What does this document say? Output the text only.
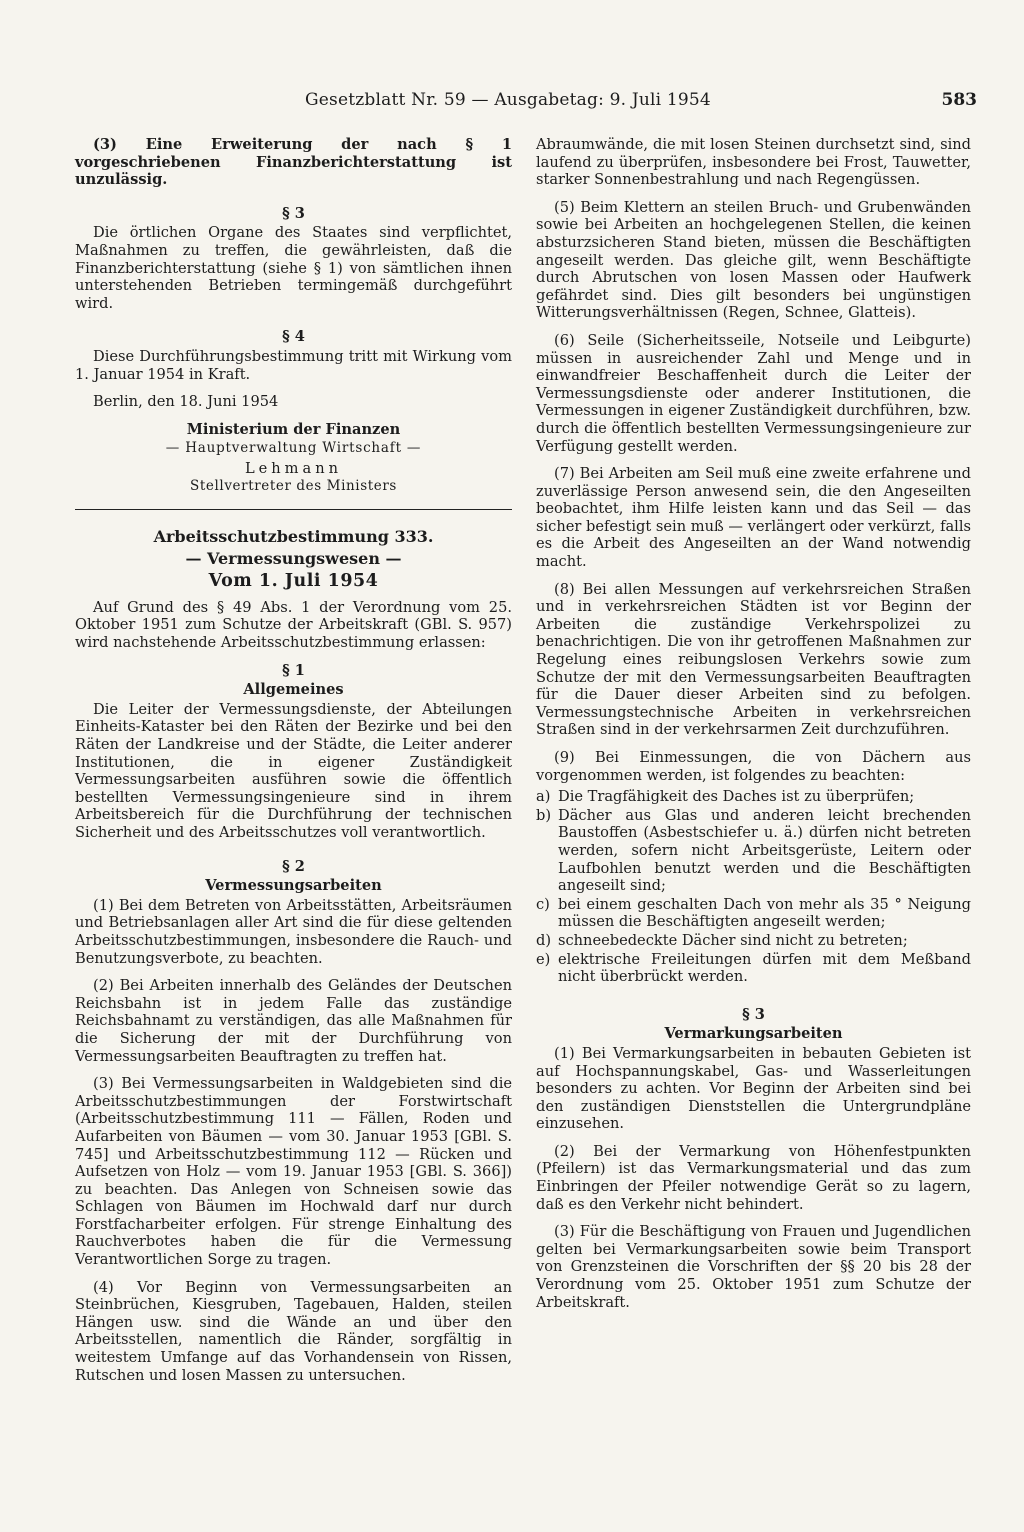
Gesetzblatt Nr. 59 — Ausgabetag: 9. Juli 1954	583

(3) Eine Erweiterung der nach § 1 vorgeschriebenen Finanzberichterstattung ist unzulässig.

§ 3

Die örtlichen Organe des Staates sind verpflichtet, Maßnahmen zu treffen, die gewährleisten, daß die Finanzberichterstattung (siehe § 1) von sämtlichen ihnen unterstehenden Betrieben termingemäß durchgeführt wird.

§ 4

Diese Durchführungsbestimmung tritt mit Wirkung vom 1. Januar 1954 in Kraft.

Berlin, den 18. Juni 1954

Ministerium der Finanzen

— Hauptverwaltung Wirtschaft —

Lehmann

Stellvertreter des Ministers

Arbeitsschutzbestimmung 333.

— Vermessungswesen —

Vom 1. Juli 1954

Auf Grund des § 49 Abs. 1 der Verordnung vom 25. Oktober 1951 zum Schutze der Arbeitskraft (GBl. S. 957) wird nachstehende Arbeitsschutzbestimmung erlassen:

§ 1

Allgemeines

Die Leiter der Vermessungsdienste, der Abteilungen Einheits-Kataster bei den Räten der Bezirke und bei den Räten der Landkreise und der Städte, die Leiter anderer Institutionen, die in eigener Zuständigkeit Vermessungsarbeiten ausführen sowie die öffentlich bestellten Vermessungsingenieure sind in ihrem Arbeitsbereich für die Durchführung der technischen Sicherheit und des Arbeitsschutzes voll verantwortlich.

§ 2

Vermessungsarbeiten

(1) Bei dem Betreten von Arbeitsstätten, Arbeitsräumen und Betriebsanlagen aller Art sind die für diese geltenden Arbeitsschutzbestimmungen, insbesondere die Rauch- und Benutzungsverbote, zu beachten.

(2) Bei Arbeiten innerhalb des Geländes der Deutschen Reichsbahn ist in jedem Falle das zuständige Reichsbahnamt zu verständigen, das alle Maßnahmen für die Sicherung der mit der Durchführung von Vermessungsarbeiten Beauftragten zu treffen hat.

(3) Bei Vermessungsarbeiten in Waldgebieten sind die Arbeitsschutzbestimmungen der Forstwirtschaft (Arbeitsschutzbestimmung 111 — Fällen, Roden und Aufarbeiten von Bäumen — vom 30. Januar 1953 [GBl. S. 745] und Arbeitsschutzbestimmung 112 — Rücken und Aufsetzen von Holz — vom 19. Januar 1953 [GBl. S. 366]) zu beachten. Das Anlegen von Schneisen sowie das Schlagen von Bäumen im Hochwald darf nur durch Forstfacharbeiter erfolgen. Für strenge Einhaltung des Rauchverbotes haben die für die Vermessung Verantwortlichen Sorge zu tragen.

(4) Vor Beginn von Vermessungsarbeiten an Steinbrüchen, Kiesgruben, Tagebauen, Halden, steilen Hängen usw. sind die Wände an und über den Arbeitsstellen, namentlich die Ränder, sorgfältig in weitestem Umfange auf das Vorhandensein von Rissen, Rutschen und losen Massen zu untersuchen.

Abraumwände, die mit losen Steinen durchsetzt sind, sind laufend zu überprüfen, insbesondere bei Frost, Tauwetter, starker Sonnenbestrahlung und nach Regengüssen.

(5) Beim Klettern an steilen Bruch- und Grubenwänden sowie bei Arbeiten an hochgelegenen Stellen, die keinen absturzsicheren Stand bieten, müssen die Beschäftigten angeseilt werden. Das gleiche gilt, wenn Beschäftigte durch Abrutschen von losen Massen oder Haufwerk gefährdet sind. Dies gilt besonders bei ungünstigen Witterungsverhältnissen (Regen, Schnee, Glatteis).

(6) Seile (Sicherheitsseile, Notseile und Leibgurte) müssen in ausreichender Zahl und Menge und in einwandfreier Beschaffenheit durch die Leiter der Vermessungsdienste oder anderer Institutionen, die Vermessungen in eigener Zuständigkeit durchführen, bzw. durch die öffentlich bestellten Vermessungsingenieure zur Verfügung gestellt werden.

(7) Bei Arbeiten am Seil muß eine zweite erfahrene und zuverlässige Person anwesend sein, die den Angeseilten beobachtet, ihm Hilfe leisten kann und das Seil — das sicher befestigt sein muß — verlängert oder verkürzt, falls es die Arbeit des Angeseilten an der Wand notwendig macht.

(8) Bei allen Messungen auf verkehrsreichen Straßen und in verkehrsreichen Städten ist vor Beginn der Arbeiten die zuständige Verkehrspolizei zu benachrichtigen. Die von ihr getroffenen Maßnahmen zur Regelung eines reibungslosen Verkehrs sowie zum Schutze der mit den Vermessungsarbeiten Beauftragten für die Dauer dieser Arbeiten sind zu befolgen. Vermessungstechnische Arbeiten in verkehrsreichen Straßen sind in der verkehrsarmen Zeit durchzuführen.

(9) Bei Einmessungen, die von Dächern aus vorgenommen werden, ist folgendes zu beachten:

a) Die Tragfähigkeit des Daches ist zu überprüfen;
b) Dächer aus Glas und anderen leicht brechenden Baustoffen (Asbestschiefer u. ä.) dürfen nicht betreten werden, sofern nicht Arbeitsgerüste, Leitern oder Laufbohlen benutzt werden und die Beschäftigten angeseilt sind;
c) bei einem geschalten Dach von mehr als 35 ° Neigung müssen die Beschäftigten angeseilt werden;
d) schneebedeckte Dächer sind nicht zu betreten;
e) elektrische Freileitungen dürfen mit dem Meßband nicht überbrückt werden.

§ 3

Vermarkungsarbeiten

(1) Bei Vermarkungsarbeiten in bebauten Gebieten ist auf Hochspannungskabel, Gas- und Wasserleitungen besonders zu achten. Vor Beginn der Arbeiten sind bei den zuständigen Dienststellen die Untergrundpläne einzusehen.

(2) Bei der Vermarkung von Höhenfestpunkten (Pfeilern) ist das Vermarkungsmaterial und das zum Einbringen der Pfeiler notwendige Gerät so zu lagern, daß es den Verkehr nicht behindert.

(3) Für die Beschäftigung von Frauen und Jugendlichen gelten bei Vermarkungsarbeiten sowie beim Transport von Grenzsteinen die Vorschriften der §§ 20 bis 28 der Verordnung vom 25. Oktober 1951 zum Schutze der Arbeitskraft.
